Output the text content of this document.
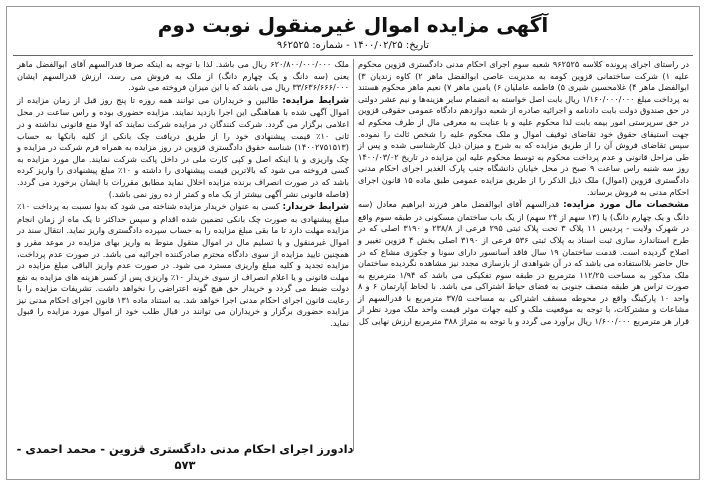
آگهی مزایده اموال غیرمنقول نوبت دوم
تاریخ: ۱۴۰۰/۰۲/۲۵ - شماره: ۹۶۲۵۲۵

در راستای اجرای پرونده کلاسه ۹۶۲۵۲۵ شعبه سوم اجرای احکام مدنی دادگستری قزوین محکوم علیه ۱) شرکت ساختمانی قزوین کومه به مدیریت عاصی ابوالفضل ماهر ۲) کاوه زندیان ۳) ابوالفضل ماهر ۴) غلامحسین شیری ۵) فاطمه عاملیان ۶) یامین ماهر ۷) نعیم ماهر محکوم هستند به پرداخت مبلغ ۱/۱۶۰/۰۰۰/۰۰۰ ریال بابت اصل خواسته به انضمام سایر هزینه‌ها و نیم عشر دولتی در حق صندوق دولت بابت دادنامه و اجرائیه صادره از شعبه دوازدهم دادگاه عمومی حقوقی قزوین در حق سرپرستی امور بیمه بابت لذا محکوم علیه و با عنایت به معرفی مال از طرف محکوم له جهت استیفای حقوق خود تقاضای توقیف اموال و ملک محکوم علیه را شخص ثالث را نموده. سپس تقاضای فروش آن را از طریق مزایده که به شرح و میزان ذیل کارشناسی شده و پس از طی مراحل قانونی و عدم پرداخت محکوم به توسط محکوم علیه این مزایده در تاریخ ۱۴۰۰/۰۳/۰۲ روز سه شنبه راس ساعت ۹ صبح در محل خیابان دانشگاه جنب پارک الغدیر اجرای احکام مدنی دادگستری قزوین (اموال) ملک ذیل الذکر را از طریق مزایده عمومی طبق ماده ۱۵ قانون اجرای احکام مدنی به فروش برساند.

مشخصات مال مورد مزایده: قدرالسهم آقای ابوالفضل ماهر فرزند ابراهیم معادل (سه دانگ و یک چهارم دانگ) یا (۱۳ سهم از ۲۴ سهم) از یک باب ساختمان مسکونی در طبقه سوم واقع در شهرک ولایت - پردیس ۱۱ پلاک ۳ تحت پلاک ثبتی ۲۹۵ فرعی از ۲۳۸/۸ و ۳۱۹۰ اصلی که در طرح استاندارد سازی ثبت اسناد به پلاک ثبتی ۵۳۶ فرعی از ۳۱۹۰ اصلی بخش ۴ قزوین تغییر و اصلاح گردیده است. قدمت ساختمان ۱۹ سال فاقد آسانسور دارای سونا و جکوزی مشاع که در حال حاضر بلااستفاده می باشد که در آن شواهدی از بازسازی مجدد نیز مشاهده نگردیده ساختمان ملک مذکور به مساحت ۱۱۲/۲۵ مترمربع در طبقه سوم تفکیکی می باشد که ۱/۹۴ مترمربع به صورت تراس هر طبقه منصف جنوبی به فضای حیاط اشتراکی می باشد. با لحاظ آپارتمان ۶ و ۸ واحد ۱۰ پارکینگ واقع در محوطه مسقف اشتراکی به مساحت ۳۷/۵ مترمربع با قدرالسهم از مشاعات و مشترکات، با توجه به موقعیت ملک و کلیه جهات موثر قیمت واحد ملک مورد نظر از قرار هر مترمربع ۱/۶۰۰/۰۰۰ ریال برآورد می گردد و با توجه به متراژ ۳۸۸ مترمربع ارزش نهایی کل

ملک ۶۲۰/۸۰۰/۰۰۰/۰۰۰ ریال می باشد. لذا با توجه به اینکه صرفا قدرالسهم آقای ابوالفضل ماهر یعنی (سه دانگ و یک چهارم دانگ) از ملک به فروش می رسد، ارزش قدرالسهم ایشان ۳۳/۶۳۶/۶۶۶/۰۰۰ ریال می باشد که با این میزان فروخته می شود.

شرایط مزایده: طالبین و خریداران می توانند همه روزه تا پنج روز قبل از زمان مزایده از اموال آگهی شده با هماهنگی این اجرا بازدید نمایند. مزایده حضوری بوده و راس ساعت در محل اعلامی برگزار می گردد. شرکت کنندگان در مزایده شرکت نمایند که اولا منع قانونی نداشته و در ثانی ۱۰٪ قیمت پیشنهادی خود را از طریق دریافت چک بانکی از کلیه بانکها به حساب (۱۴۰۰۲۷۵۱۵۱۳) شناسه حقوق دادگستری قزوین در روز مزایده به همراه فرم شرکت در مزایده و چک واریزی و یا اینکه اصل و کپی کارت ملی در داخل پاکت شرکت نمایند. مال مورد مزایده به کسی فروخته می شود که بالاترین قیمت پیشنهادی را داشته و ۱۰٪ مبلغ پیشنهادی را واریز کرده باشد که در صورت انصراف برنده مزایده اخلال نماید مطابق مقررات با ایشان برخورد می گردد. (فاصله قانونی نشر آگهی بیشتر از یک ماه و کمتر از ده روز نمی باشد.)

شرایط خریدار: کسی به عنوان خریدار مزایده شناخته می شود که بدوا نسبت به پرداخت ۱۰٪ مبلغ پیشنهادی به صورت چک بانکی تضمین شده اقدام و سپس حداکثر تا یک ماه از زمان انجام مزایده مهلت دارد تا ما بقی مبلغ مزایده را به حساب سپرده دادگستری واریز نماید. انتقال سند در اموال غیرمنقول و یا تسلیم مال در اموال منقول منوط به واریز بهای مزایده در موعد مقرر و همچنین تایید مزایده از سوی دادگاه محترم صادرکننده اجرائیه می باشد. در صورت عدم پرداخت، مزایده تجدید و کلیه مبلغ واریزی مسترد می شود. در صورت عدم واریز الباقی مبلغ مزایده در مهلت قانونی و یا اعلام انصراف از سوی خریدار ۱۰٪ واریزی پس از کسر هزینه های مزایده به نفع دولت ضبط می گردد و خریدار حق هیچ گونه اعتراضی را نخواهد داشت. تشریفات مزایده را با رعایت قانون اجرای احکام مدنی اجرا خواهد شد. به استناد ماده ۱۳۱ قانون اجرای احکام مدنی نیز مزایده حضوری برگزار و خریداران می توانند در قبال طلب خود از اموال مورد مزایده را قبول نماید.

دادورز اجرای احکام مدنی دادگستری قزوین - محمد احمدی - ۵۷۳
